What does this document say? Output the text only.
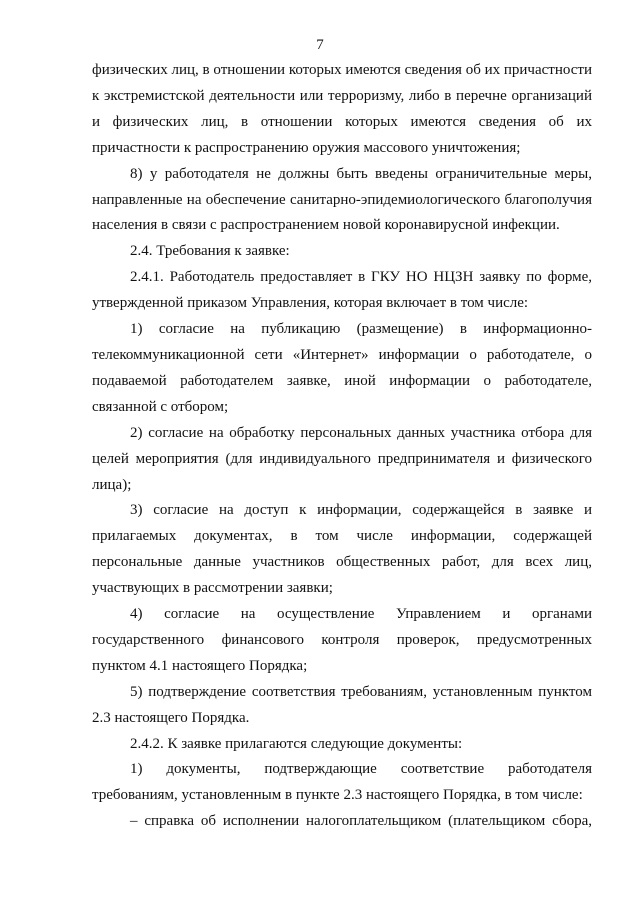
7

физических лиц, в отношении которых имеются сведения об их причастности к экстремистской деятельности или терроризму, либо в перечне организаций и физических лиц, в отношении которых имеются сведения об их причастности к распространению оружия массового уничтожения;

8) у работодателя не должны быть введены ограничительные меры, направленные на обеспечение санитарно-эпидемиологического благополучия населения в связи с распространением новой коронавирусной инфекции.

2.4. Требования к заявке:

2.4.1. Работодатель предоставляет в ГКУ НО НЦЗН заявку по форме, утвержденной приказом Управления, которая включает в том числе:

1) согласие на публикацию (размещение) в информационно-телекоммуникационной сети «Интернет» информации о работодателе, о подаваемой работодателем заявке, иной информации о работодателе, связанной с отбором;

2) согласие на обработку персональных данных участника отбора для целей мероприятия (для индивидуального предпринимателя и физического лица);

3) согласие на доступ к информации, содержащейся в заявке и прилагаемых документах, в том числе информации, содержащей персональные данные участников общественных работ, для всех лиц, участвующих в рассмотрении заявки;

4) согласие на осуществление Управлением и органами государственного финансового контроля проверок, предусмотренных пунктом 4.1 настоящего Порядка;

5) подтверждение соответствия требованиям, установленным пунктом 2.3 настоящего Порядка.

2.4.2. К заявке прилагаются следующие документы:

1) документы, подтверждающие соответствие работодателя требованиям, установленным в пункте 2.3 настоящего Порядка, в том числе:

– справка об исполнении налогоплательщиком (плательщиком сбора,
